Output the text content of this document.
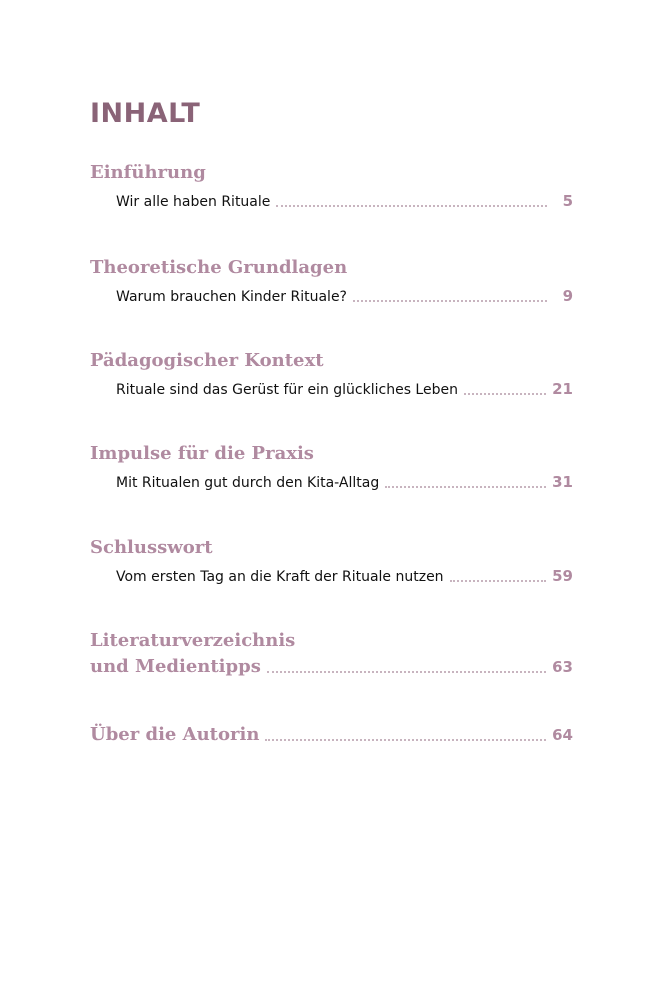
INHALT
Einführung
Wir alle haben Rituale	5
Theoretische Grundlagen
Warum brauchen Kinder Rituale?	9
Pädagogischer Kontext
Rituale sind das Gerüst für ein glückliches Leben	21
Impulse für die Praxis
Mit Ritualen gut durch den Kita-Alltag	31
Schlusswort
Vom ersten Tag an die Kraft der Rituale nutzen	59
Literaturverzeichnis
und Medientipps	63
Über die Autorin	64
